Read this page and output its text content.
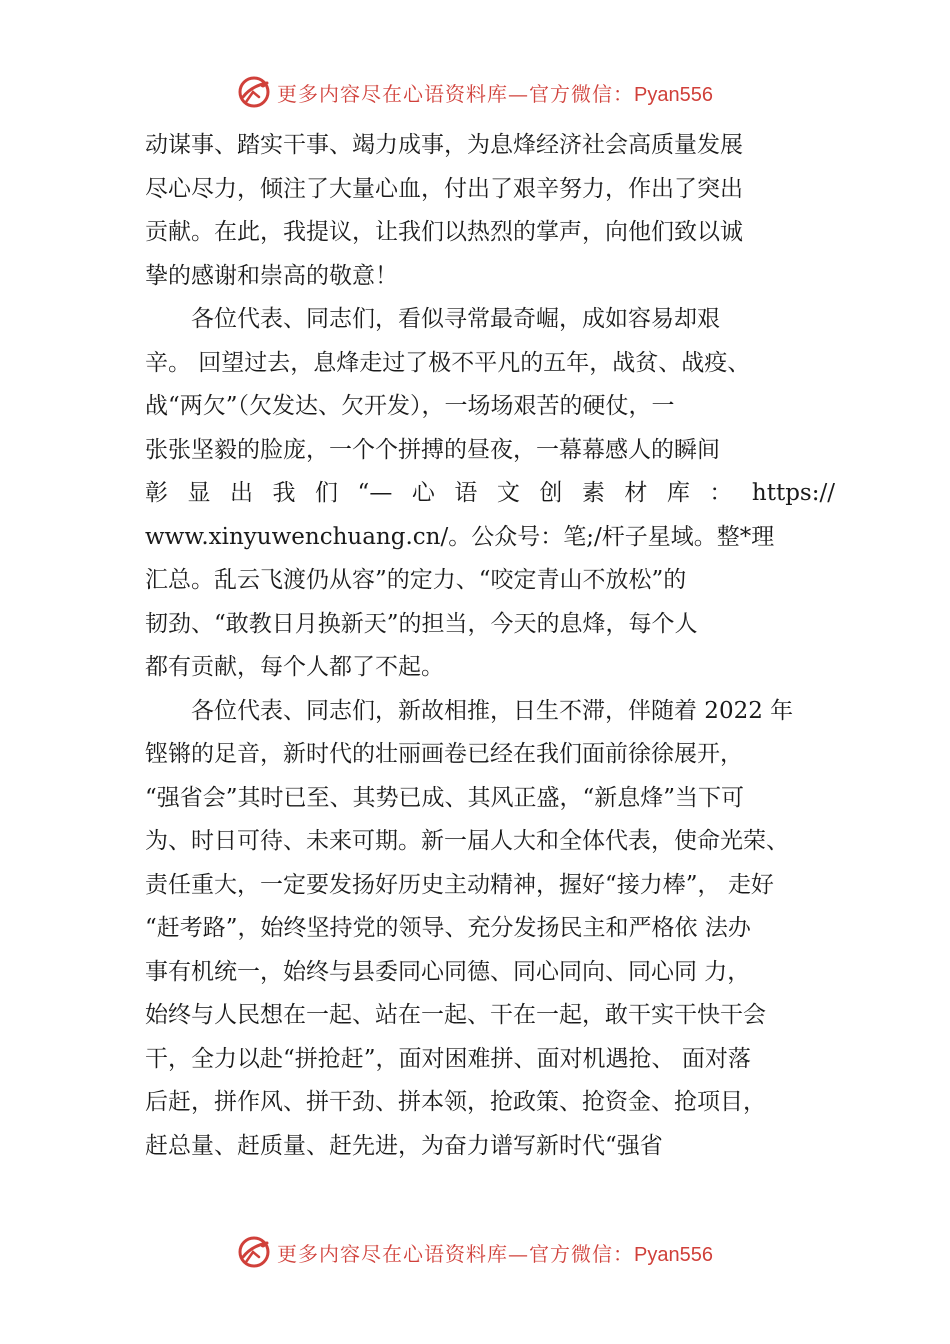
更多内容尽在心语资料库—官方微信：Pyan556
动谋事、踏实干事、竭力成事，为息烽经济社会高质量发展
尽心尽力，倾注了大量心血，付出了艰辛努力，作出了突出
贡献。在此，我提议，让我们以热烈的掌声，向他们致以诚
挚的感谢和崇高的敬意！
各位代表、同志们，看似寻常最奇崛，成如容易却艰
辛。 回望过去，息烽走过了极不平凡的五年，战贫、战疫、
战“两欠”（欠发达、欠开发），一场场艰苦的硬仗，一
张张坚毅的脸庞，一个个拼搏的昼夜，一幕幕感人的瞬间
彰显出我们“—心语文创素材库：https://
www.xinyuwenchuang.cn/。公众号：笔;/杆子星域。整*理
汇总。乱云飞渡仍从容”的定力、“咬定青山不放松”的
韧劲、“敢教日月换新天”的担当，今天的息烽，每个人
都有贡献，每个人都了不起。
各位代表、同志们，新故相推，日生不滞，伴随着 2022 年
铿锵的足音，新时代的壮丽画卷已经在我们面前徐徐展开，
“强省会”其时已至、其势已成、其风正盛，“新息烽”当下可
为、时日可待、未来可期。新一届人大和全体代表，使命光荣、
责任重大，一定要发扬好历史主动精神，握好“接力棒”， 走好
“赶考路”，始终坚持党的领导、充分发扬民主和严格依 法办
事有机统一，始终与县委同心同德、同心同向、同心同 力，
始终与人民想在一起、站在一起、干在一起，敢干实干快干会
干，全力以赴“拼抢赶”，面对困难拼、面对机遇抢、 面对落
后赶，拼作风、拼干劲、拼本领，抢政策、抢资金、抢项目，
赶总量、赶质量、赶先进，为奋力谱写新时代“强省
更多内容尽在心语资料库—官方微信：Pyan556
